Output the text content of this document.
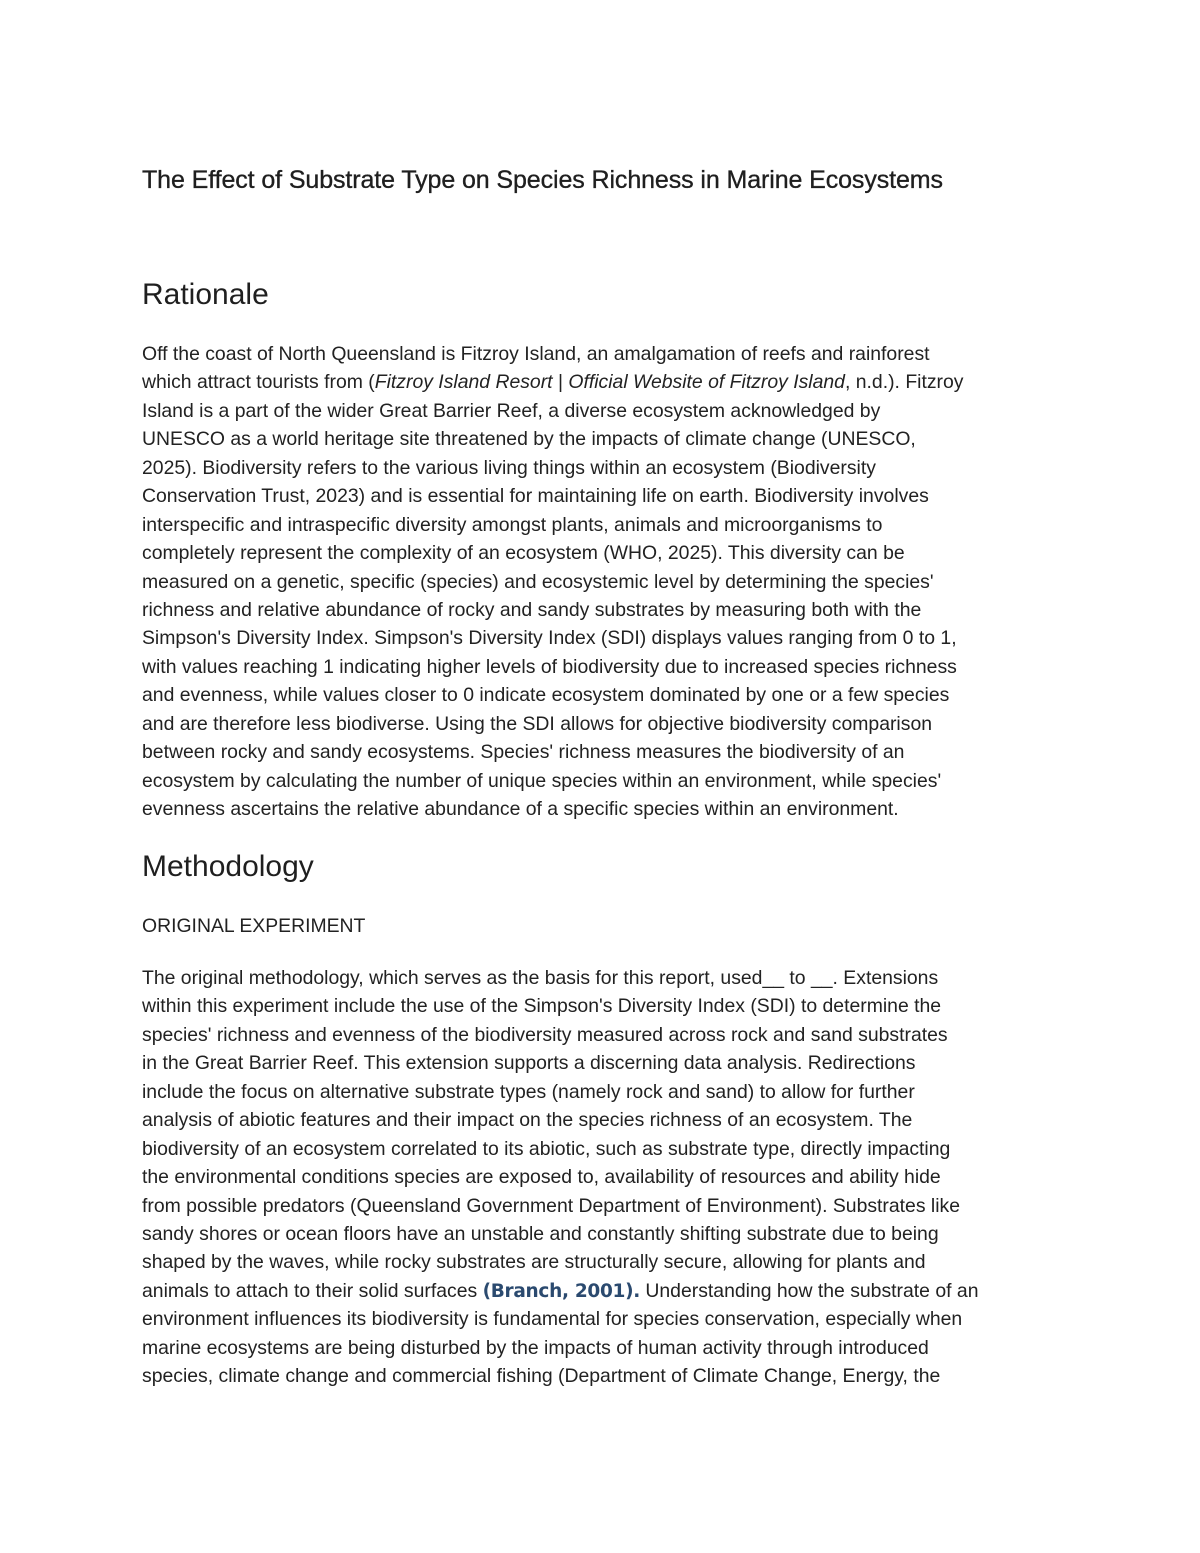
The Effect of Substrate Type on Species Richness in Marine Ecosystems
Rationale
Off the coast of North Queensland is Fitzroy Island, an amalgamation of reefs and rainforest
which attract tourists from (Fitzroy Island Resort | Official Website of Fitzroy Island, n.d.). Fitzroy
Island is a part of the wider Great Barrier Reef, a diverse ecosystem acknowledged by
UNESCO as a world heritage site threatened by the impacts of climate change (UNESCO,
2025). Biodiversity refers to the various living things within an ecosystem (Biodiversity
Conservation Trust, 2023) and is essential for maintaining life on earth. Biodiversity involves
interspecific and intraspecific diversity amongst plants, animals and microorganisms to
completely represent the complexity of an ecosystem (WHO, 2025). This diversity can be
measured on a genetic, specific (species) and ecosystemic level by determining the species'
richness and relative abundance of rocky and sandy substrates by measuring both with the
Simpson's Diversity Index. Simpson's Diversity Index (SDI) displays values ranging from 0 to 1,
with values reaching 1 indicating higher levels of biodiversity due to increased species richness
and evenness, while values closer to 0 indicate ecosystem dominated by one or a few species
and are therefore less biodiverse. Using the SDI allows for objective biodiversity comparison
between rocky and sandy ecosystems. Species' richness measures the biodiversity of an
ecosystem by calculating the number of unique species within an environment, while species'
evenness ascertains the relative abundance of a specific species within an environment.
Methodology
ORIGINAL EXPERIMENT
The original methodology, which serves as the basis for this report, used__ to __. Extensions
within this experiment include the use of the Simpson's Diversity Index (SDI) to determine the
species' richness and evenness of the biodiversity measured across rock and sand substrates
in the Great Barrier Reef. This extension supports a discerning data analysis. Redirections
include the focus on alternative substrate types (namely rock and sand) to allow for further
analysis of abiotic features and their impact on the species richness of an ecosystem. The
biodiversity of an ecosystem correlated to its abiotic, such as substrate type, directly impacting
the environmental conditions species are exposed to, availability of resources and ability hide
from possible predators (Queensland Government Department of Environment). Substrates like
sandy shores or ocean floors have an unstable and constantly shifting substrate due to being
shaped by the waves, while rocky substrates are structurally secure, allowing for plants and
animals to attach to their solid surfaces (Branch, 2001). Understanding how the substrate of an
environment influences its biodiversity is fundamental for species conservation, especially when
marine ecosystems are being disturbed by the impacts of human activity through introduced
species, climate change and commercial fishing (Department of Climate Change, Energy, the
